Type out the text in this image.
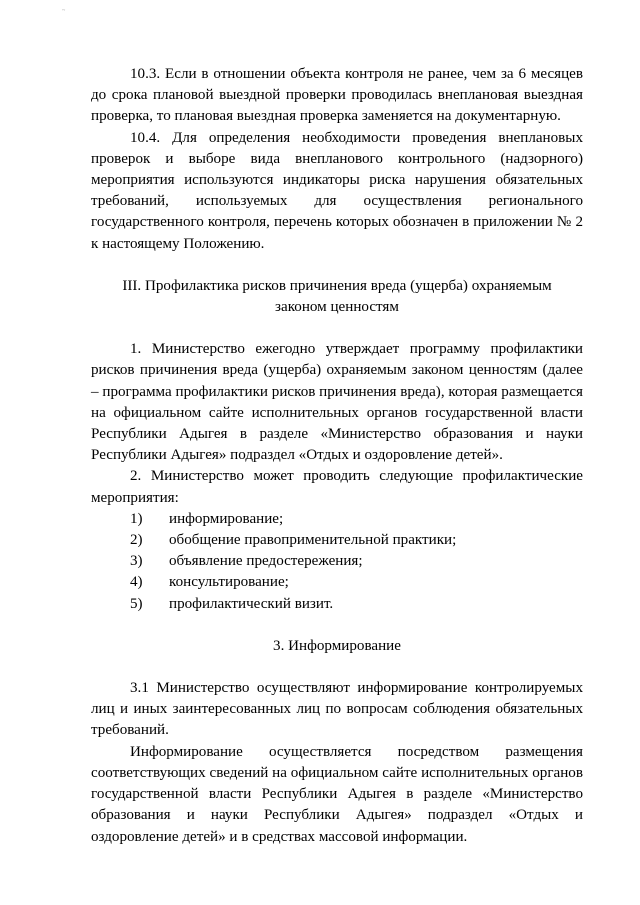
~

10.3. Если в отношении объекта контроля не ранее, чем за 6 месяцев до срока плановой выездной проверки проводилась внеплановая выездная проверка, то плановая выездная проверка заменяется на документарную.

10.4. Для определения необходимости проведения внеплановых проверок и выборе вида внепланового контрольного (надзорного) мероприятия используются индикаторы риска нарушения обязательных требований, используемых для осуществления регионального государственного контроля, перечень которых обозначен в приложении № 2 к настоящему Положению.

III. Профилактика рисков причинения вреда (ущерба) охраняемым
законом ценностям

1. Министерство ежегодно утверждает программу профилактики рисков причинения вреда (ущерба) охраняемым законом ценностям (далее – программа профилактики рисков причинения вреда), которая размещается на официальном сайте исполнительных органов государственной власти Республики Адыгея в разделе «Министерство образования и науки Республики Адыгея» подраздел «Отдых и оздоровление детей».

2. Министерство может проводить следующие профилактические мероприятия:

1)	информирование;
2)	обобщение правоприменительной практики;
3)	объявление предостережения;
4)	консультирование;
5)	профилактический визит.
3. Информирование

3.1 Министерство осуществляют информирование контролируемых лиц и иных заинтересованных лиц по вопросам соблюдения обязательных требований.

Информирование осуществляется посредством размещения соответствующих сведений на официальном сайте исполнительных органов государственной власти Республики Адыгея в разделе «Министерство образования и науки Республики Адыгея» подраздел «Отдых и оздоровление детей» и в средствах массовой информации.
